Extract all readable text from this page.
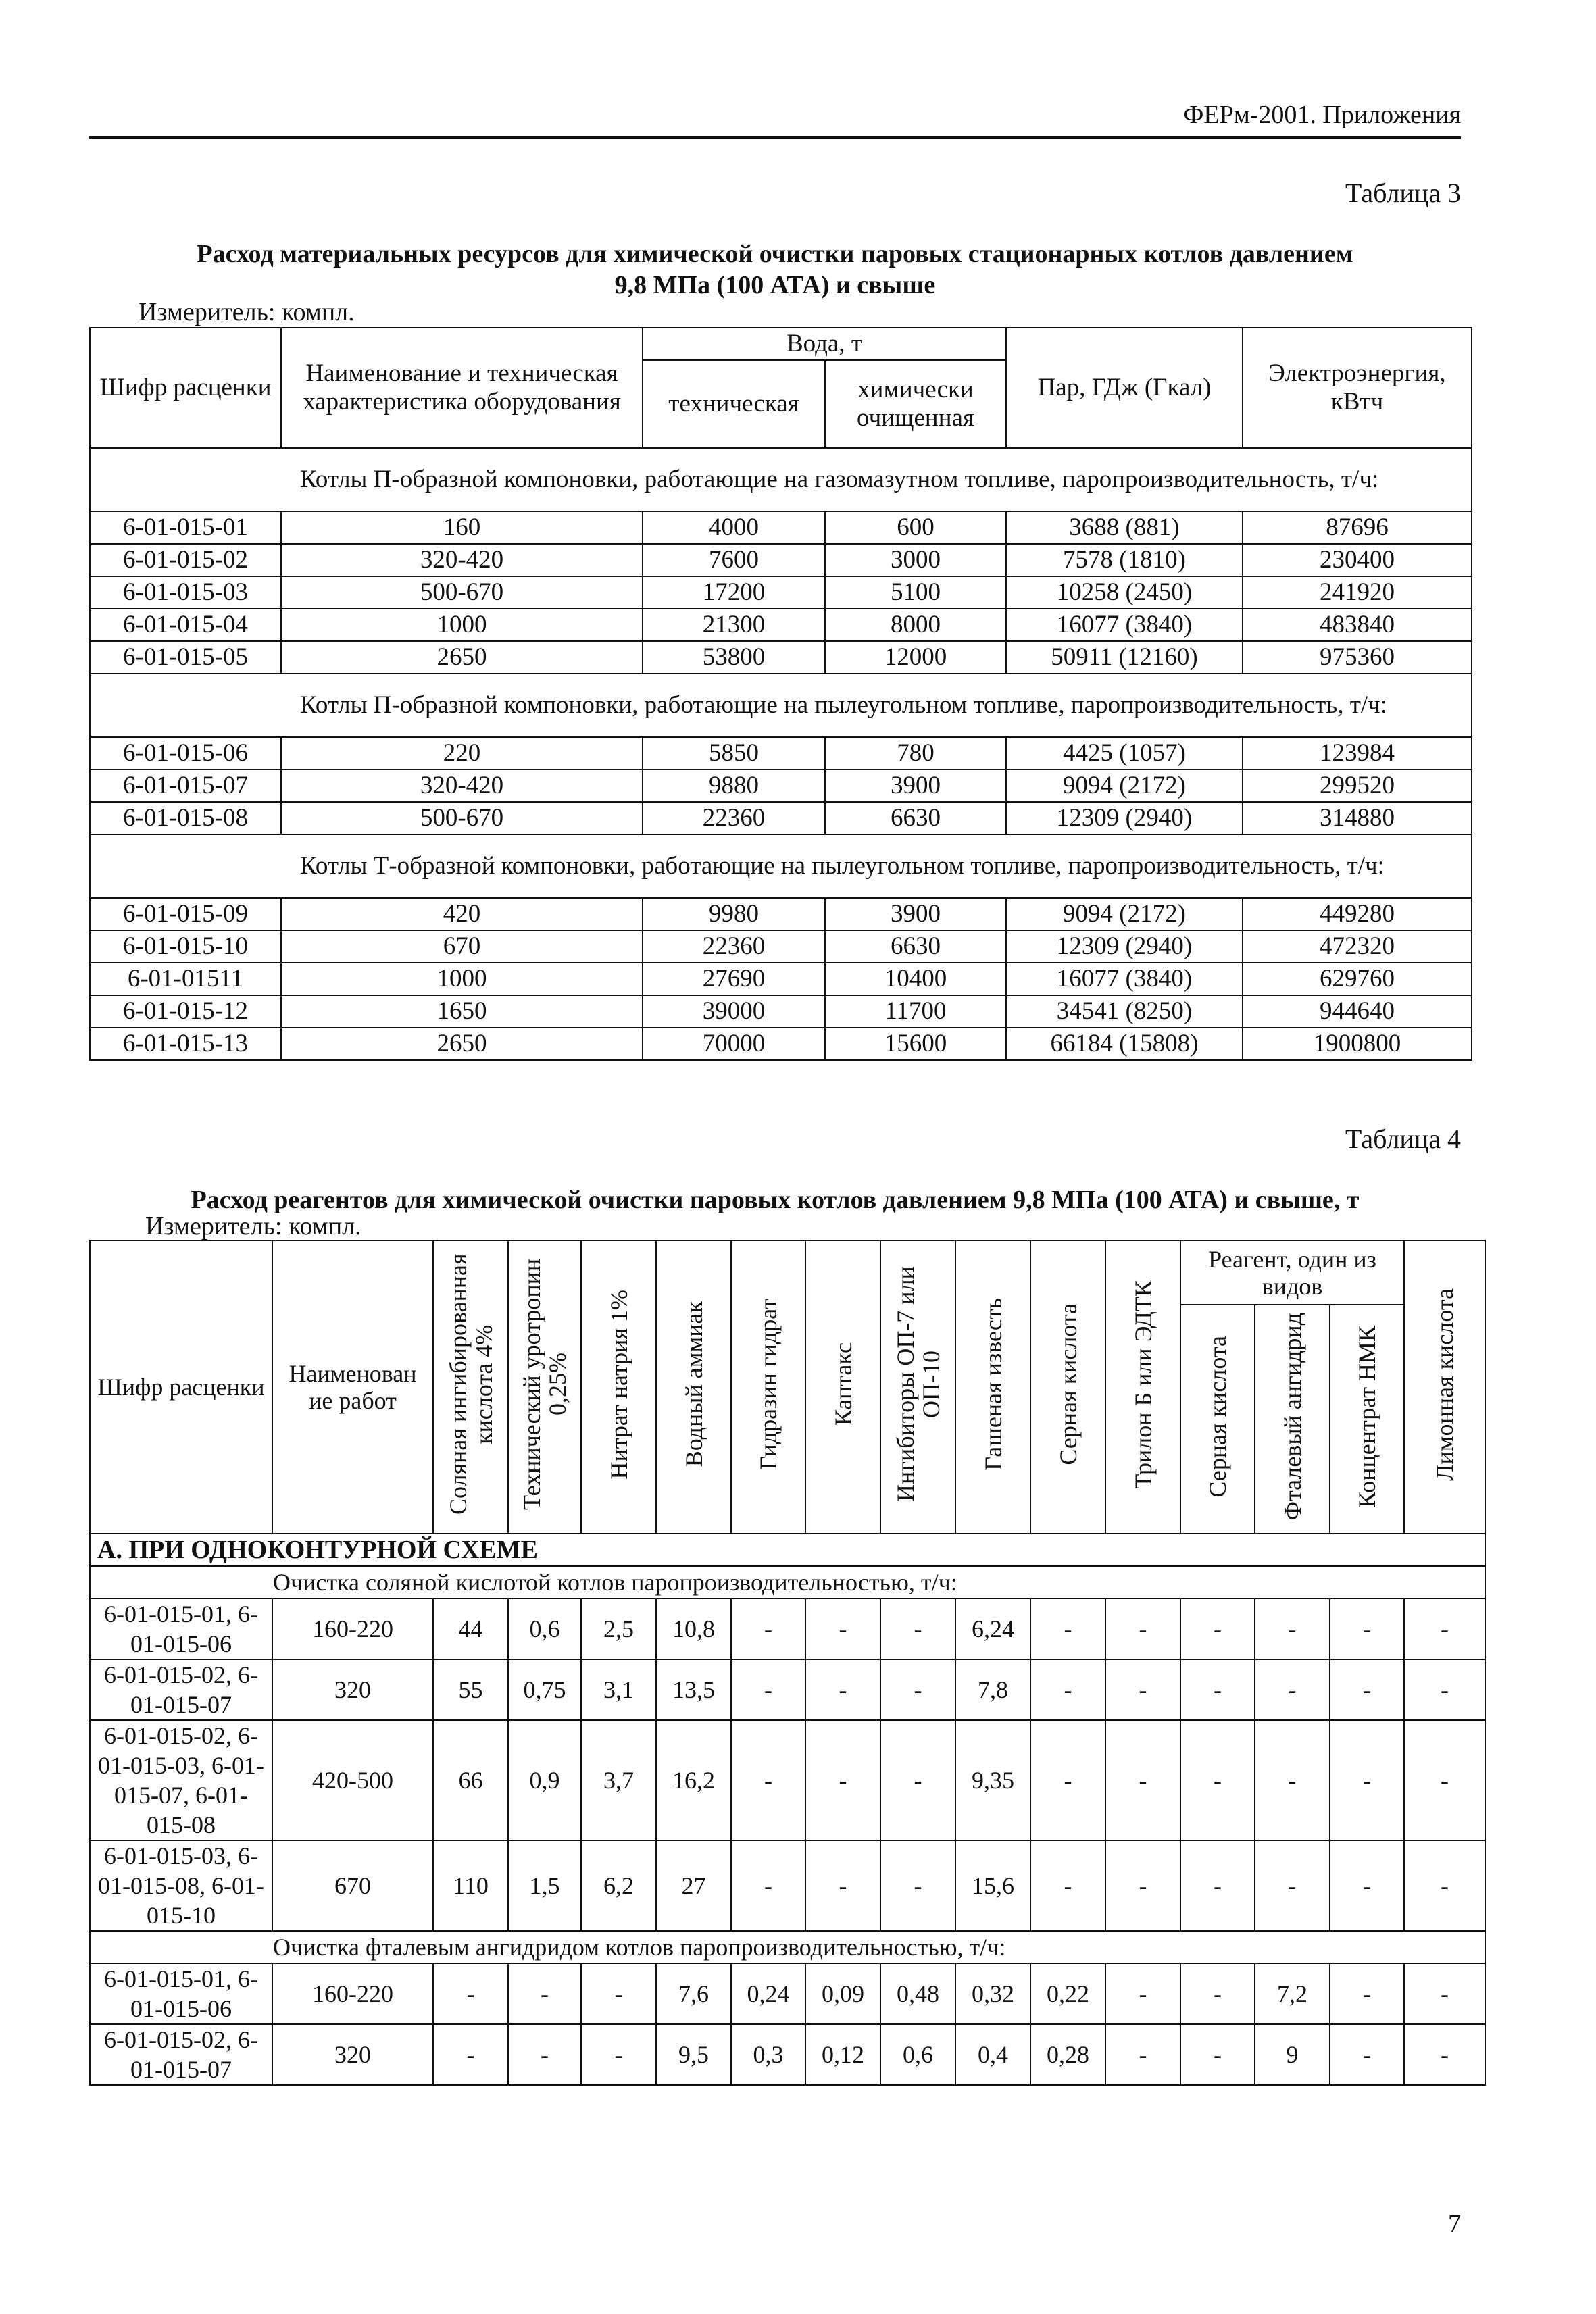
ФЕРм-2001. Приложения
Таблица 3
Расход материальных ресурсов для химической очистки паровых стационарных котлов давлением
9,8 МПа (100 АТА) и свыше
Измеритель: компл.
Шифр расценки	Наименование и техническая характеристика оборудования	Вода, т		Пар, ГДж (Гкал)	Электроэнергия, кВтч
		техническая	химически очищенная		
Котлы П-образной компоновки, работающие на газомазутном топливе, паропроизводительность, т/ч:					
6-01-015-01	160	4000	600	3688 (881)	87696
6-01-015-02	320-420	7600	3000	7578 (1810)	230400
6-01-015-03	500-670	17200	5100	10258 (2450)	241920
6-01-015-04	1000	21300	8000	16077 (3840)	483840
6-01-015-05	2650	53800	12000	50911 (12160)	975360
Котлы П-образной компоновки, работающие на пылеугольном топливе, паропроизводительность, т/ч:					
6-01-015-06	220	5850	780	4425 (1057)	123984
6-01-015-07	320-420	9880	3900	9094 (2172)	299520
6-01-015-08	500-670	22360	6630	12309 (2940)	314880
Котлы Т-образной компоновки, работающие на пылеугольном топливе, паропроизводительность, т/ч:					
6-01-015-09	420	9980	3900	9094 (2172)	449280
6-01-015-10	670	22360	6630	12309 (2940)	472320
6-01-01511	1000	27690	10400	16077 (3840)	629760
6-01-015-12	1650	39000	11700	34541 (8250)	944640
6-01-015-13	2650	70000	15600	66184 (15808)	1900800
Таблица 4
Расход реагентов для химической очистки паровых котлов давлением 9,8 МПа (100 АТА) и свыше, т
Измеритель: компл.
Шифр расценки	Наименован ие работ	Соляная ингибированная кислота 4%	Технический уротропин 0,25%	Нитрат натрия 1%	Водный аммиак	Гидразин гидрат	Каптакс	Ингибиторы ОП-7 или ОП-10	Гашеная известь	Серная кислота	Трилон Б или ЭДТК	Реагент, один из видов			Лимонная кислота
												Серная кислота	Фталевый ангидрид	Концентрат НМК	
А. ПРИ ОДНОКОНТУРНОЙ СХЕМЕ															
Очистка соляной кислотой котлов паропроизводительностью, т/ч:															
6-01-015-01, 6-01-015-06	160-220	44	0,6	2,5	10,8	-	-	-	6,24	-	-	-	-	-	-
6-01-015-02, 6-01-015-07	320	55	0,75	3,1	13,5	-	-	-	7,8	-	-	-	-	-	-
6-01-015-02, 6-01-015-03, 6-01-015-07, 6-01-015-08	420-500	66	0,9	3,7	16,2	-	-	-	9,35	-	-	-	-	-	-
6-01-015-03, 6-01-015-08, 6-01-015-10	670	110	1,5	6,2	27	-	-	-	15,6	-	-	-	-	-	-
Очистка фталевым ангидридом котлов паропроизводительностью, т/ч:															
6-01-015-01, 6-01-015-06	160-220	-	-	-	7,6	0,24	0,09	0,48	0,32	0,22	-	-	7,2	-	-
6-01-015-02, 6-01-015-07	320	-	-	-	9,5	0,3	0,12	0,6	0,4	0,28	-	-	9	-	-
7
